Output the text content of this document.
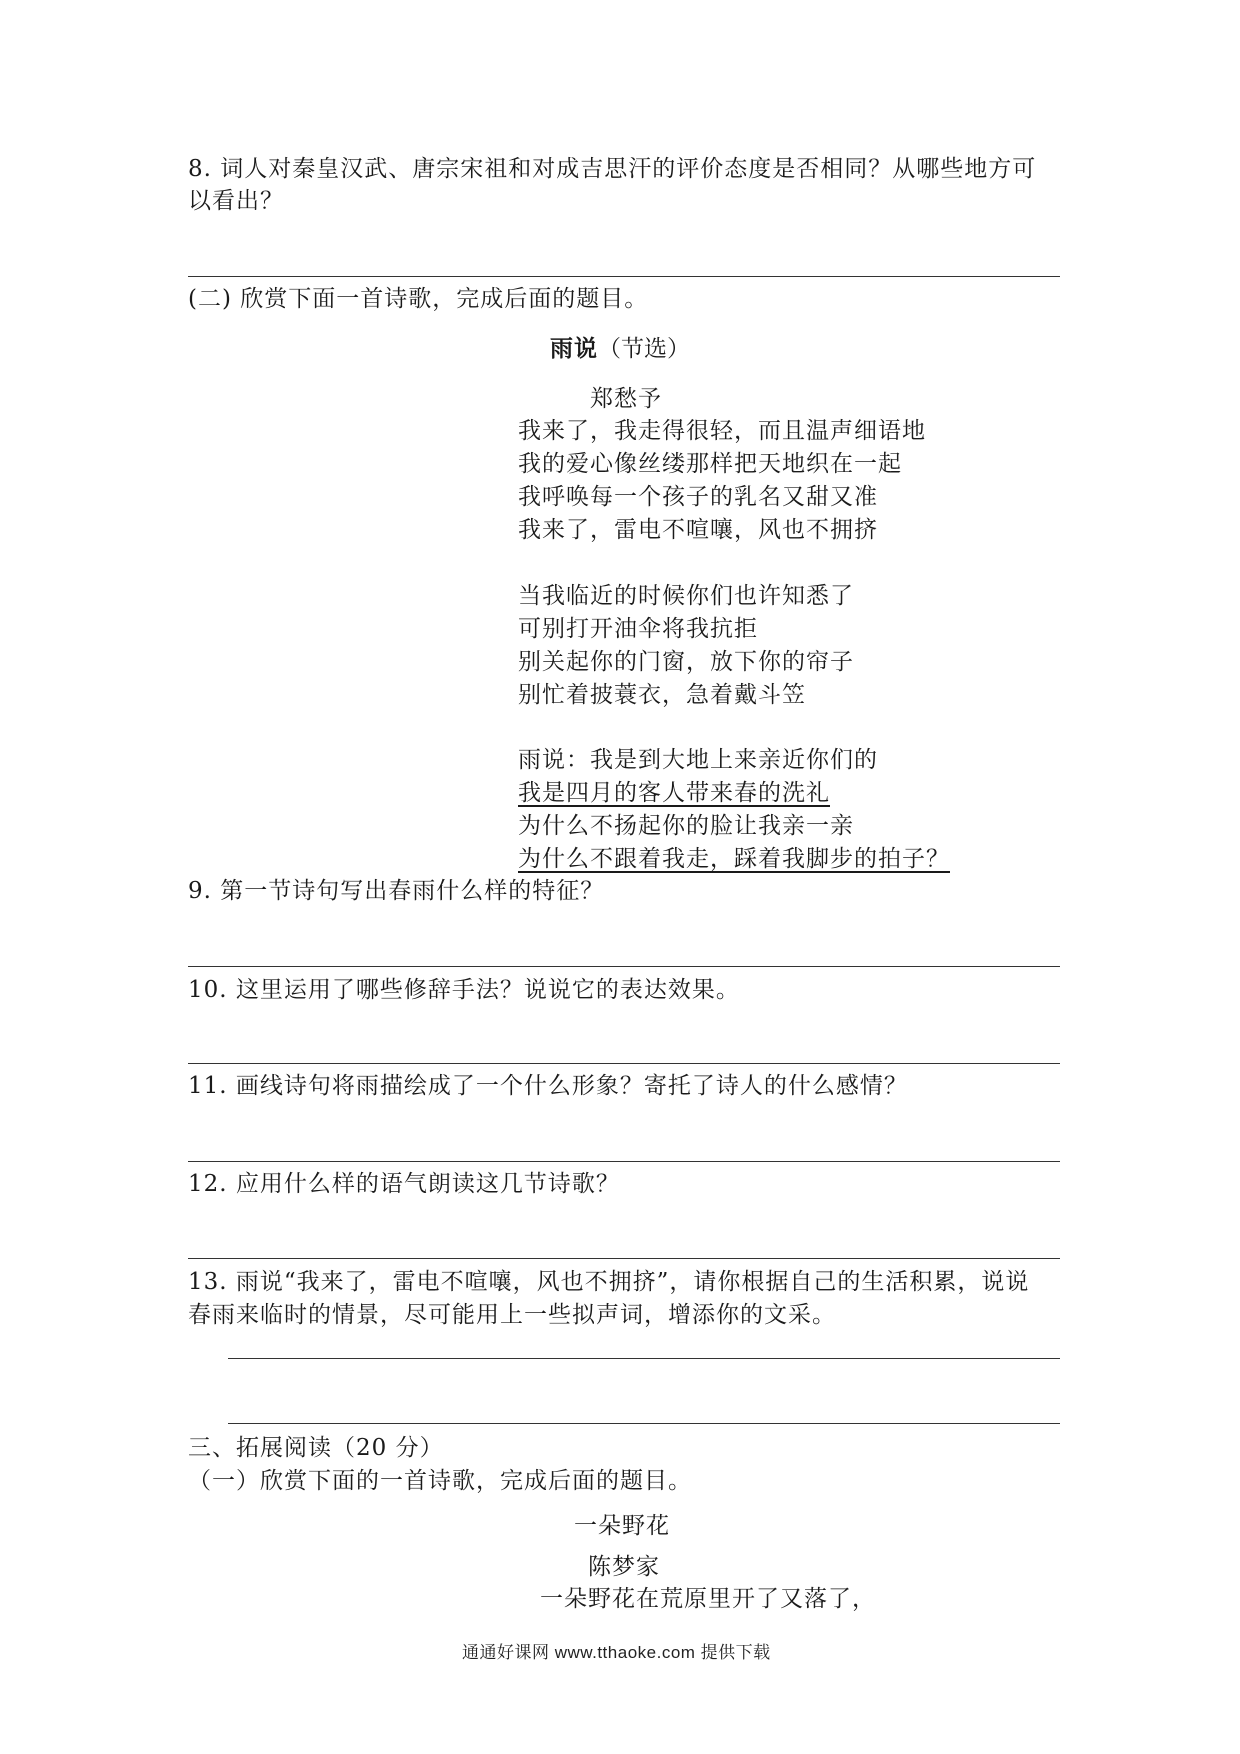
8. 词人对秦皇汉武、唐宗宋祖和对成吉思汗的评价态度是否相同？从哪些地方可
以看出？
(二) 欣赏下面一首诗歌，完成后面的题目。
雨说（节选）
郑愁予
我来了，我走得很轻，而且温声细语地
我的爱心像丝缕那样把天地织在一起
我呼唤每一个孩子的乳名又甜又准
我来了，雷电不喧嚷，风也不拥挤
当我临近的时候你们也许知悉了
可别打开油伞将我抗拒
别关起你的门窗，放下你的帘子
别忙着披蓑衣，急着戴斗笠
雨说：我是到大地上来亲近你们的
我是四月的客人带来春的洗礼
为什么不扬起你的脸让我亲一亲
为什么不跟着我走，踩着我脚步的拍子？
9. 第一节诗句写出春雨什么样的特征？
10. 这里运用了哪些修辞手法？说说它的表达效果。
11. 画线诗句将雨描绘成了一个什么形象？寄托了诗人的什么感情？
12. 应用什么样的语气朗读这几节诗歌？
13. 雨说“我来了，雷电不喧嚷，风也不拥挤”，请你根据自己的生活积累，说说
春雨来临时的情景，尽可能用上一些拟声词，增添你的文采。
三、拓展阅读（20 分）
（一）欣赏下面的一首诗歌，完成后面的题目。
一朵野花
陈梦家
一朵野花在荒原里开了又落了，
通通好课网 www.tthaoke.com 提供下载
